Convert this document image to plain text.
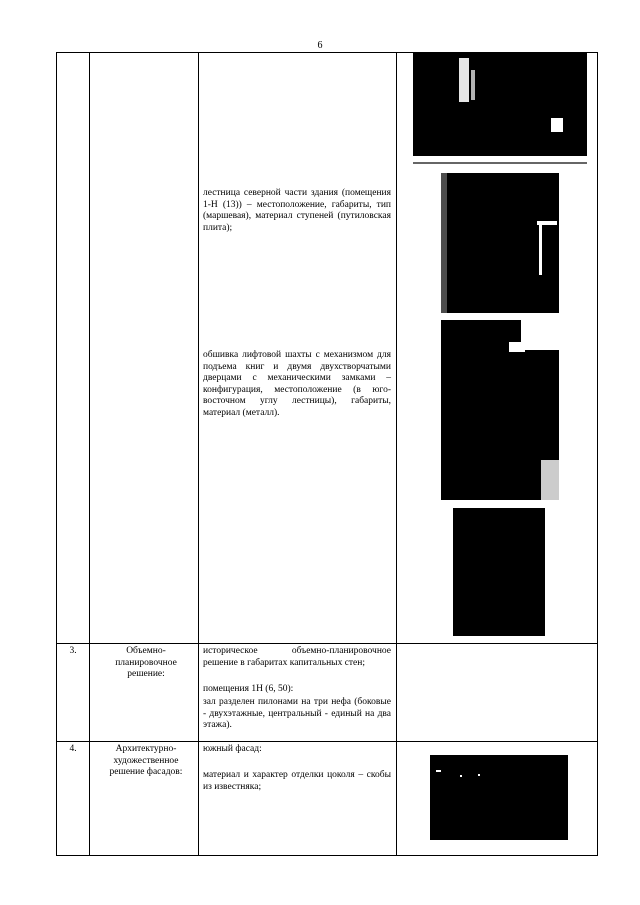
6
лестница северной части здания (помещения 1-Н (13)) – местоположение, габариты, тип (маршевая), материал ступеней (путиловская плита);
обшивка лифтовой шахты с механизмом для подъема книг и двумя двухстворчатыми дверцами с механическими замками – конфигурация, местоположение (в юго-восточном углу лестницы), габариты, материал (металл).
3.	Объемно-планировочное решение:
историческое объемно-планировочное решение в габаритах капитальных стен;
помещения 1Н (6, 50):
зал разделен пилонами на три нефа (боковые - двухэтажные, центральный - единый на два этажа).
4.	Архитектурно-художественное решение фасадов:
южный фасад:
материал и характер отделки цоколя – скобы из известняка;
